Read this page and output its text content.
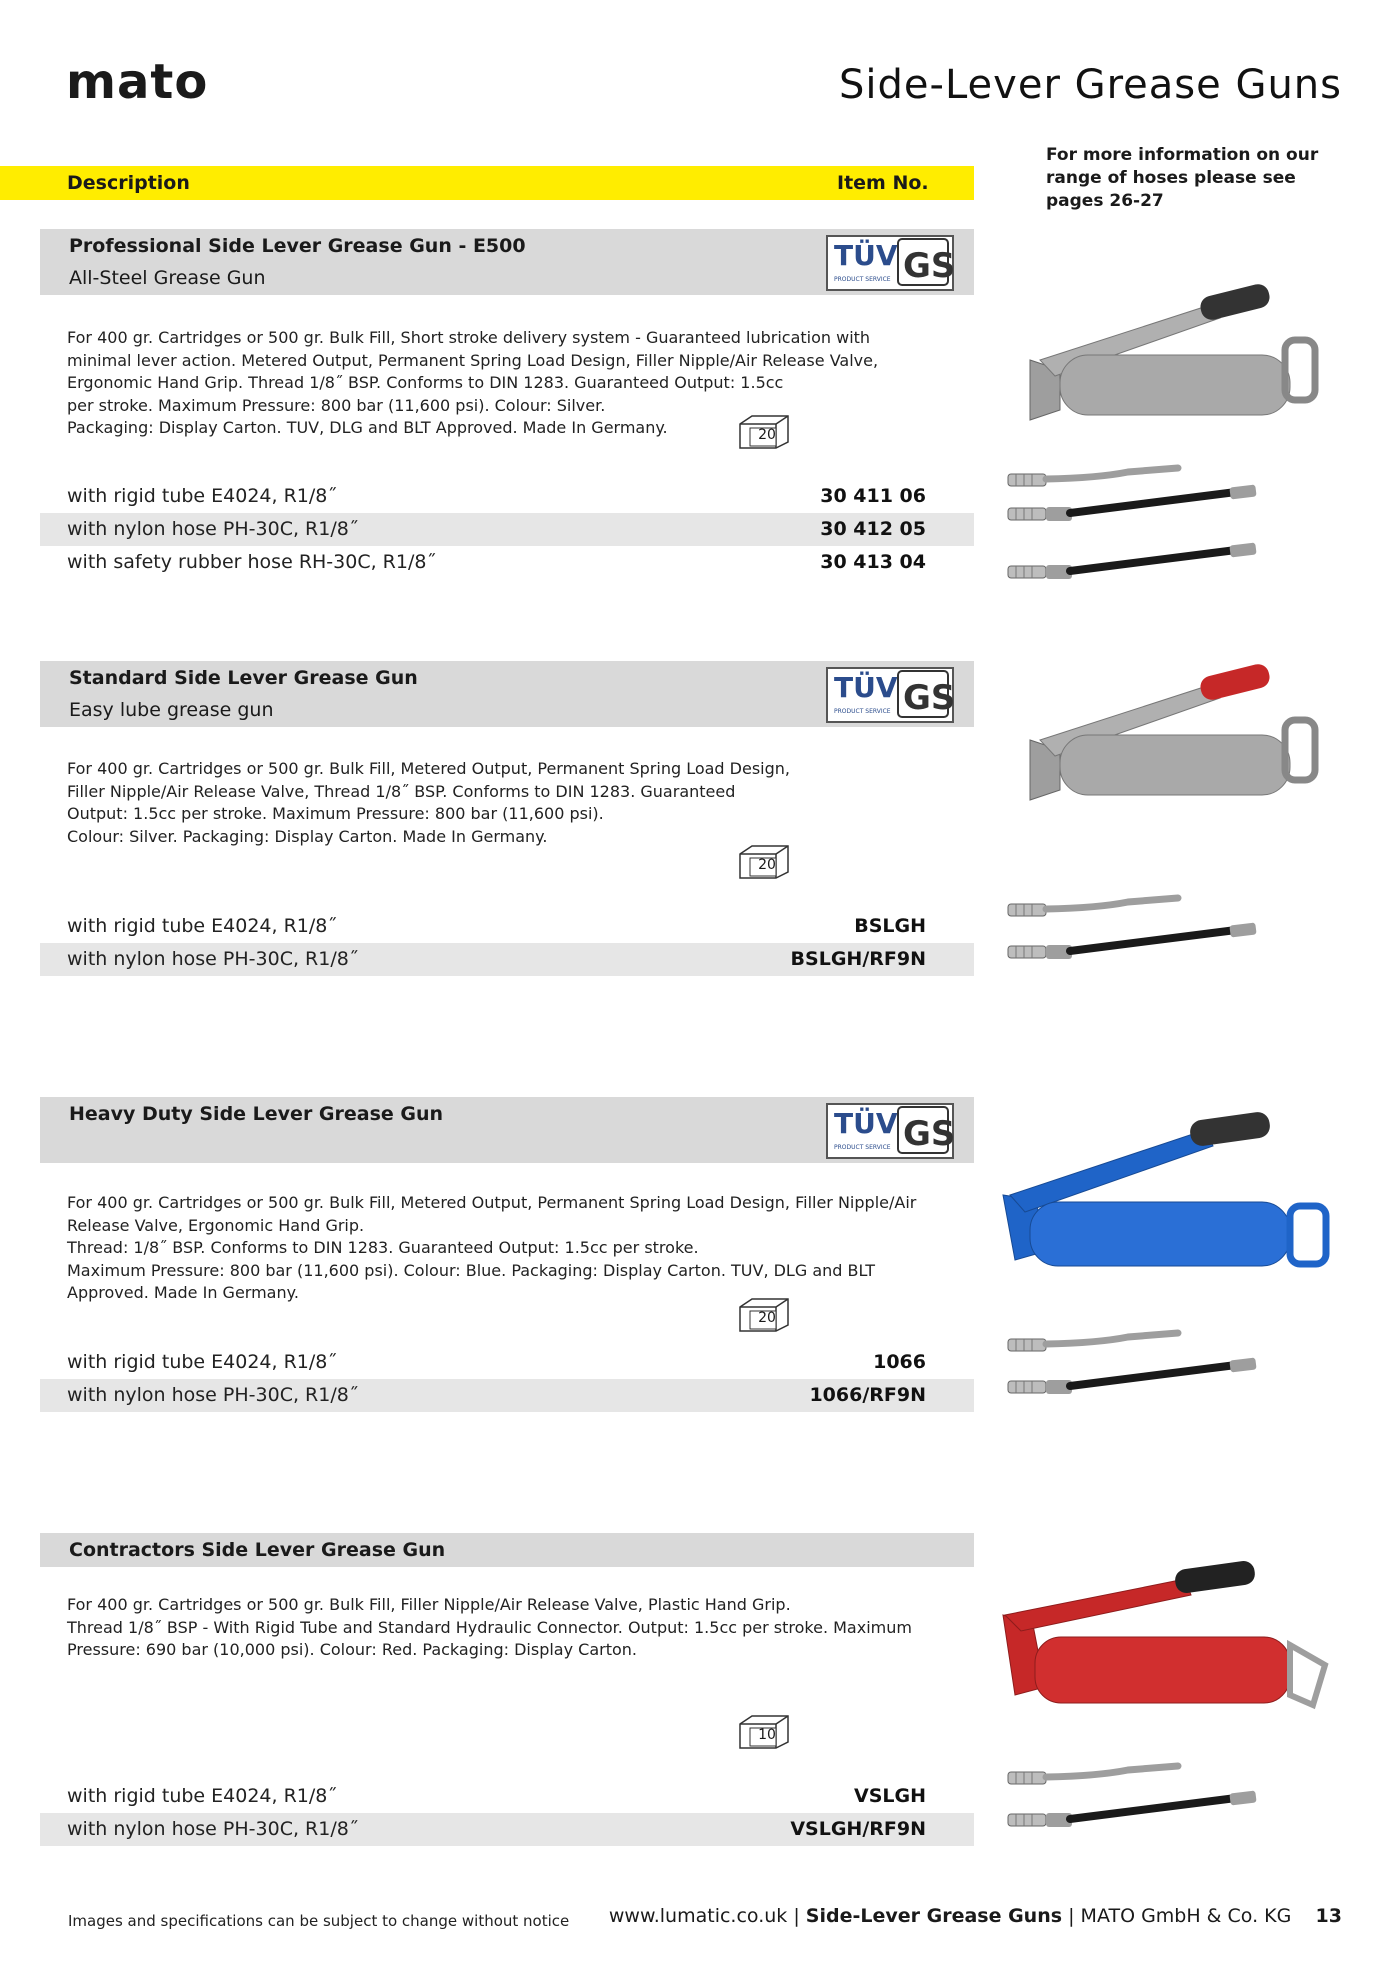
mato	Side-Lever Grease Guns
For more information on our range of hoses please see pages 26-27
Description	Item No.
Professional Side Lever Grease Gun - E500
All-Steel Grease Gun
For 400 gr. Cartridges or 500 gr. Bulk Fill, Short stroke delivery system - Guaranteed lubrication with
minimal lever action. Metered Output, Permanent Spring Load Design, Filler Nipple/Air Release Valve,
Ergonomic Hand Grip. Thread 1/8˝ BSP. Conforms to DIN 1283. Guaranteed Output: 1.5cc
per stroke. Maximum Pressure: 800 bar (11,600 psi). Colour: Silver.
Packaging: Display Carton. TUV, DLG and BLT Approved. Made In Germany.	20
with rigid tube E4024, R1/8˝	30 411 06
with nylon hose PH-30C, R1/8˝	30 412 05
with safety rubber hose RH-30C, R1/8˝	30 413 04
Standard Side Lever Grease Gun
Easy lube grease gun
For 400 gr. Cartridges or 500 gr. Bulk Fill, Metered Output, Permanent Spring Load Design,
Filler Nipple/Air Release Valve, Thread 1/8˝ BSP. Conforms to DIN 1283. Guaranteed
Output: 1.5cc per stroke. Maximum Pressure: 800 bar (11,600 psi).
Colour: Silver. Packaging: Display Carton. Made In Germany.
20
with rigid tube E4024, R1/8˝	BSLGH
with nylon hose PH-30C, R1/8˝	BSLGH/RF9N
Heavy Duty Side Lever Grease Gun
For 400 gr. Cartridges or 500 gr. Bulk Fill, Metered Output, Permanent Spring Load Design, Filler Nipple/Air
Release Valve, Ergonomic Hand Grip.
Thread: 1/8˝ BSP. Conforms to DIN 1283. Guaranteed Output: 1.5cc per stroke.
Maximum Pressure: 800 bar (11,600 psi). Colour: Blue. Packaging: Display Carton. TUV, DLG and BLT
Approved. Made In Germany.
20
with rigid tube E4024, R1/8˝	1066
with nylon hose PH-30C, R1/8˝	1066/RF9N
Contractors Side Lever Grease Gun
For 400 gr. Cartridges or 500 gr. Bulk Fill, Filler Nipple/Air Release Valve, Plastic Hand Grip.
Thread 1/8˝ BSP - With Rigid Tube and Standard Hydraulic Connector. Output: 1.5cc per stroke. Maximum
Pressure: 690 bar (10,000 psi). Colour: Red. Packaging: Display Carton.
10
with rigid tube E4024, R1/8˝	VSLGH
with nylon hose PH-30C, R1/8˝	VSLGH/RF9N
Images and specifications can be subject to change without notice www.lumatic.co.uk | Side-Lever Grease Guns | MATO GmbH & Co. KG 13
